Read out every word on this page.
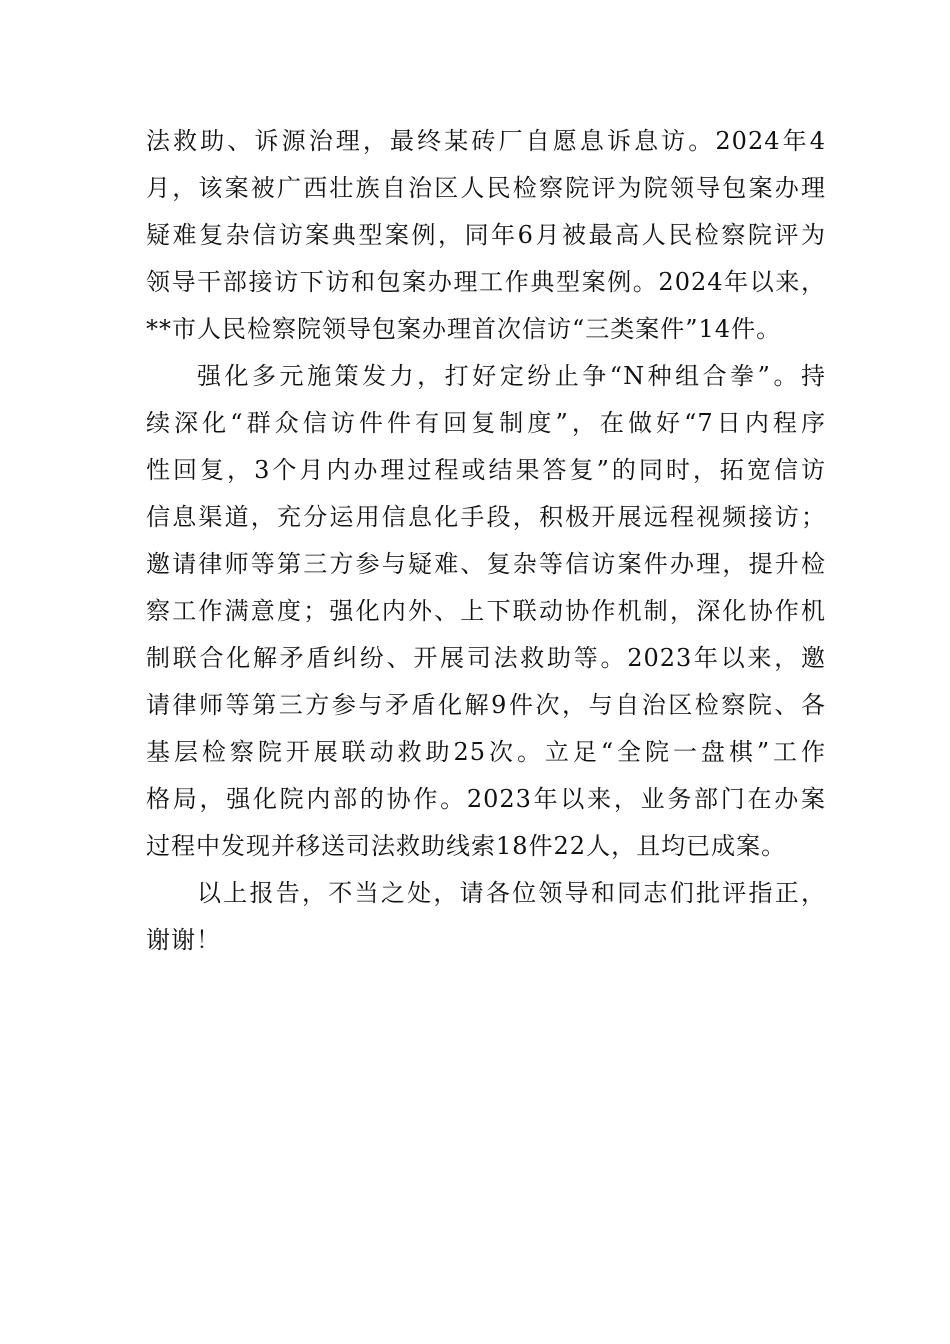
法救助、诉源治理，最终某砖厂自愿息诉息访。2024年4
月，该案被广西壮族自治区人民检察院评为院领导包案办理
疑难复杂信访案典型案例，同年6月被最高人民检察院评为
领导干部接访下访和包案办理工作典型案例。2024年以来，
**市人民检察院领导包案办理首次信访“三类案件”14件。
强化多元施策发力，打好定纷止争“N种组合拳”。持
续深化“群众信访件件有回复制度”，在做好“7日内程序
性回复，3个月内办理过程或结果答复”的同时，拓宽信访
信息渠道，充分运用信息化手段，积极开展远程视频接访；
邀请律师等第三方参与疑难、复杂等信访案件办理，提升检
察工作满意度；强化内外、上下联动协作机制，深化协作机
制联合化解矛盾纠纷、开展司法救助等。2023年以来，邀
请律师等第三方参与矛盾化解9件次，与自治区检察院、各
基层检察院开展联动救助25次。立足“全院一盘棋”工作
格局，强化院内部的协作。2023年以来，业务部门在办案
过程中发现并移送司法救助线索18件22人，且均已成案。
以上报告，不当之处，请各位领导和同志们批评指正，
谢谢！
